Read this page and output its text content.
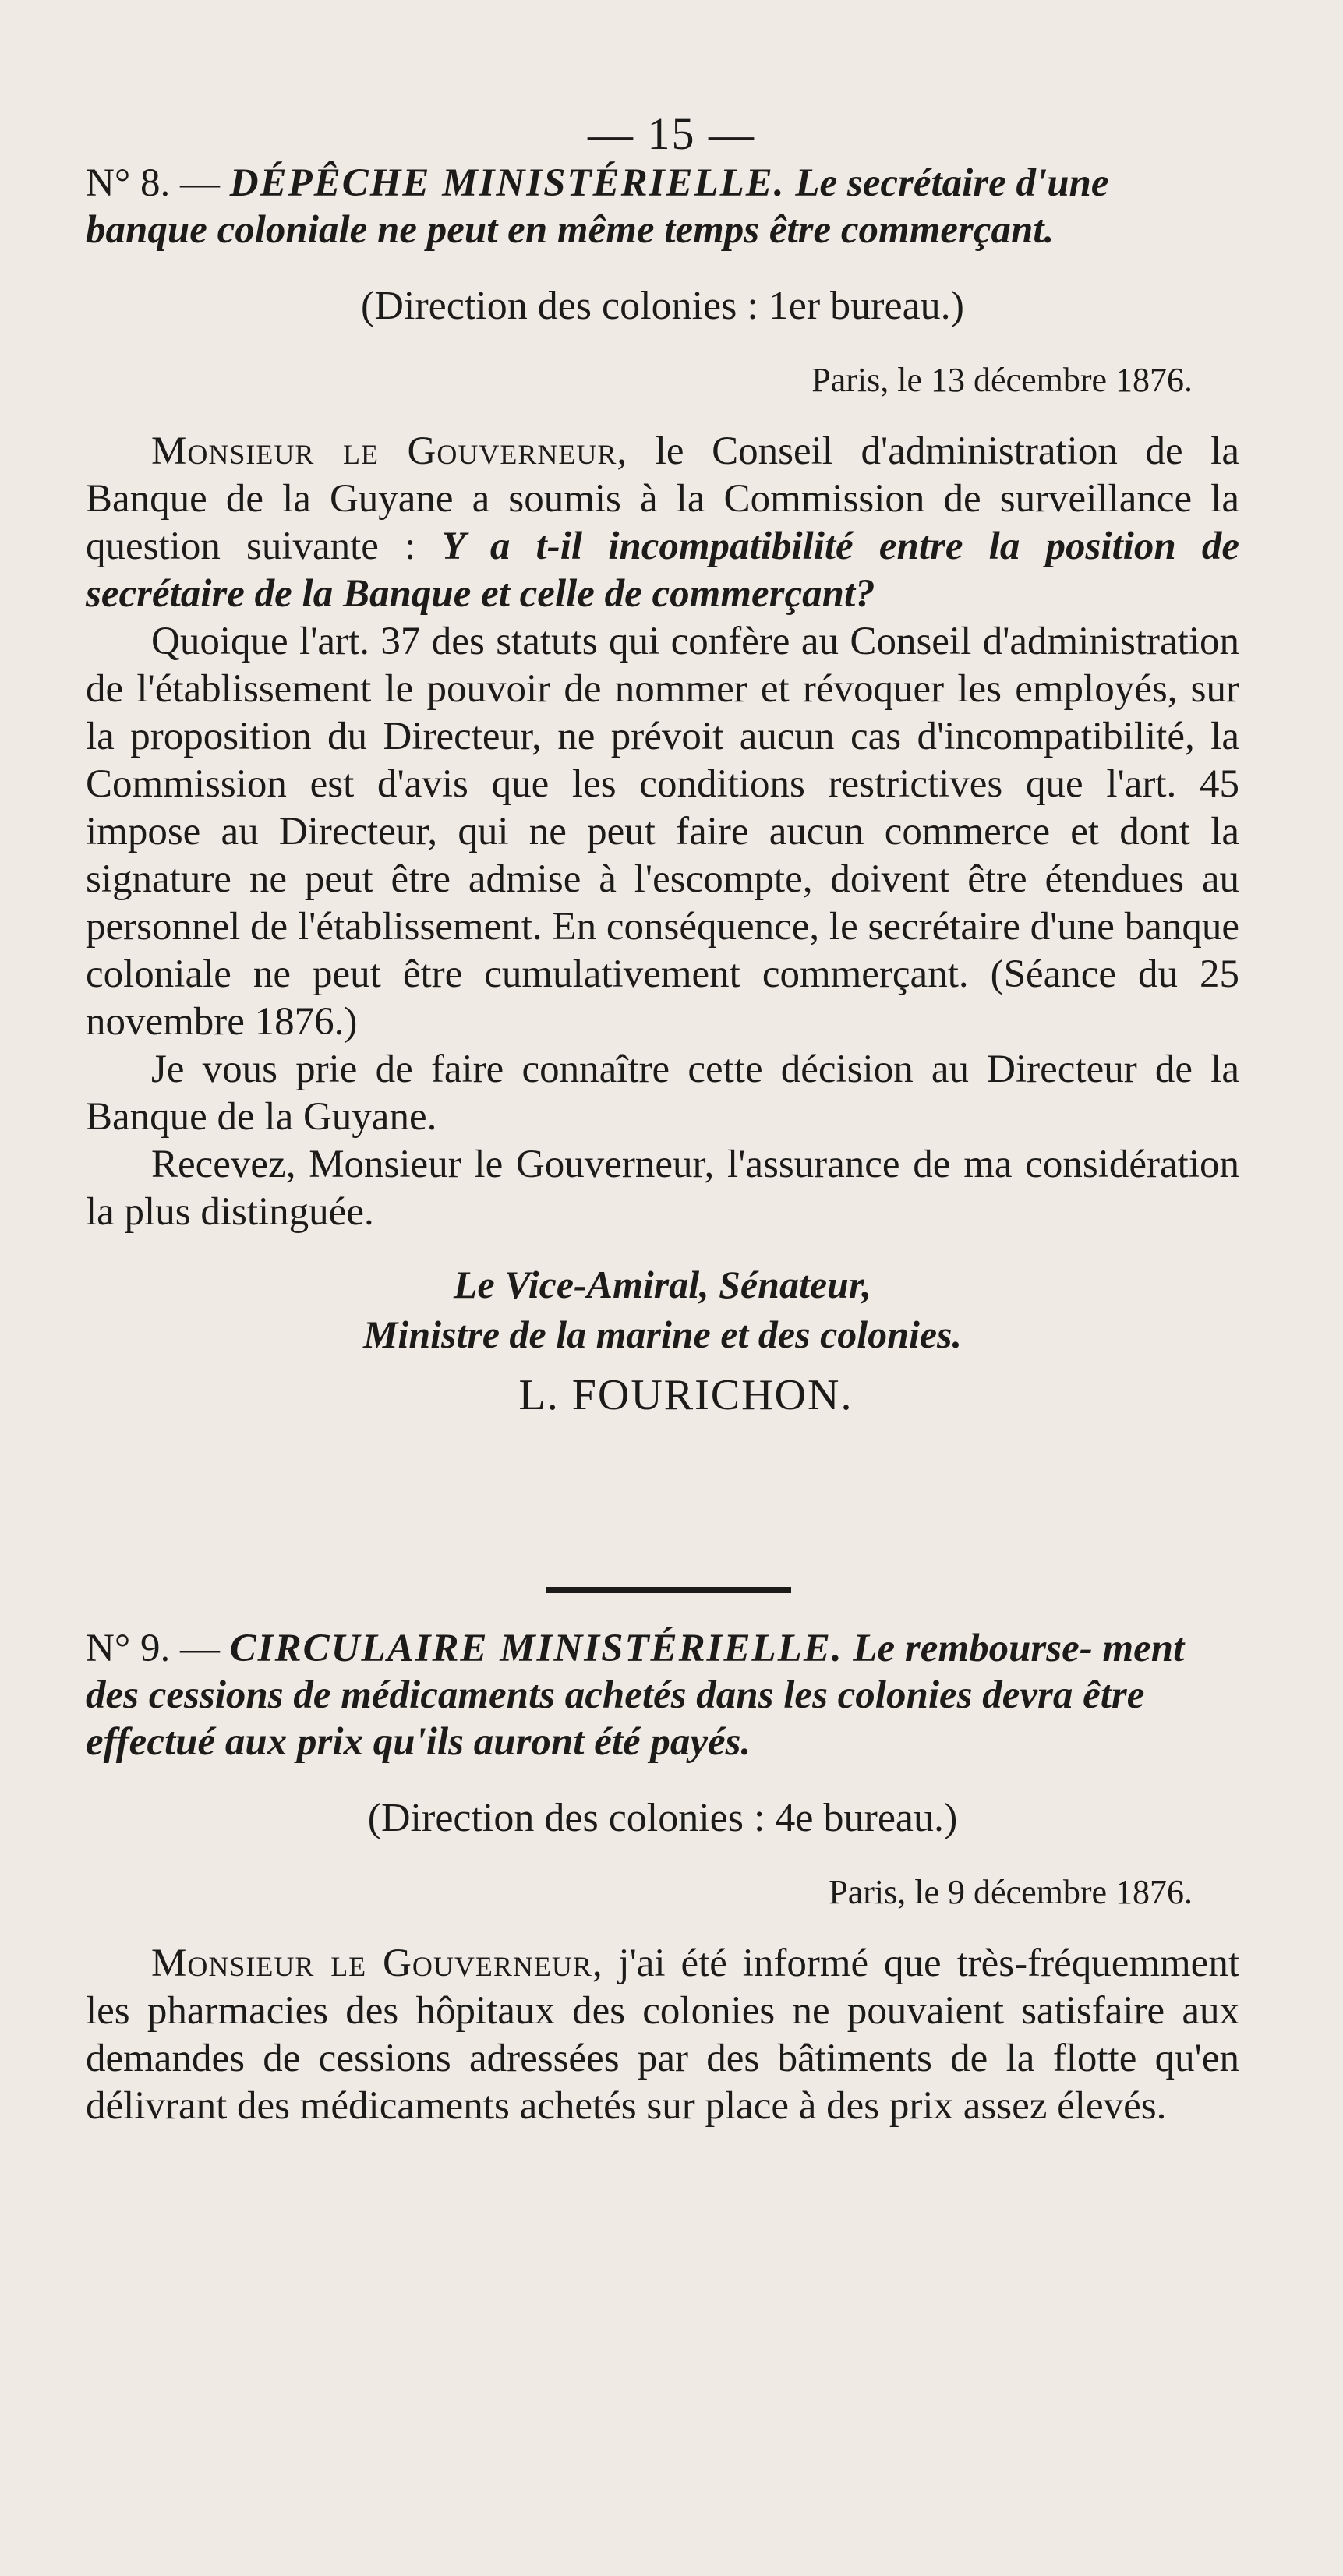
— 15 —
N° 8. — DÉPÊCHE MINISTÉRIELLE. Le secrétaire d'une banque coloniale ne peut en même temps être commerçant.
(Direction des colonies : 1er bureau.)
Paris, le 13 décembre 1876.

Monsieur le Gouverneur, le Conseil d'administration de la Banque de la Guyane a soumis à la Commission de surveillance la question suivante : Y a t-il incompatibilité entre la position de secrétaire de la Banque et celle de commerçant?

Quoique l'art. 37 des statuts qui confère au Conseil d'administration de l'établissement le pouvoir de nommer et révoquer les employés, sur la proposition du Directeur, ne prévoit aucun cas d'incompatibilité, la Commission est d'avis que les conditions restrictives que l'art. 45 impose au Directeur, qui ne peut faire aucun commerce et dont la signature ne peut être admise à l'escompte, doivent être étendues au personnel de l'établissement. En conséquence, le secrétaire d'une banque coloniale ne peut être cumulativement commerçant. (Séance du 25 novembre 1876.)

Je vous prie de faire connaître cette décision au Directeur de la Banque de la Guyane.

Recevez, Monsieur le Gouverneur, l'assurance de ma considération la plus distinguée.

Le Vice-Amiral, Sénateur,
Ministre de la marine et des colonies.
L. FOURICHON.
N° 9. — CIRCULAIRE MINISTÉRIELLE. Le rembourse- ment des cessions de médicaments achetés dans les colonies devra être effectué aux prix qu'ils auront été payés.
(Direction des colonies : 4e bureau.)
Paris, le 9 décembre 1876.

Monsieur le Gouverneur, j'ai été informé que très-fréquemment les pharmacies des hôpitaux des colonies ne pouvaient satisfaire aux demandes de cessions adressées par des bâtiments de la flotte qu'en délivrant des médicaments achetés sur place à des prix assez élevés.
